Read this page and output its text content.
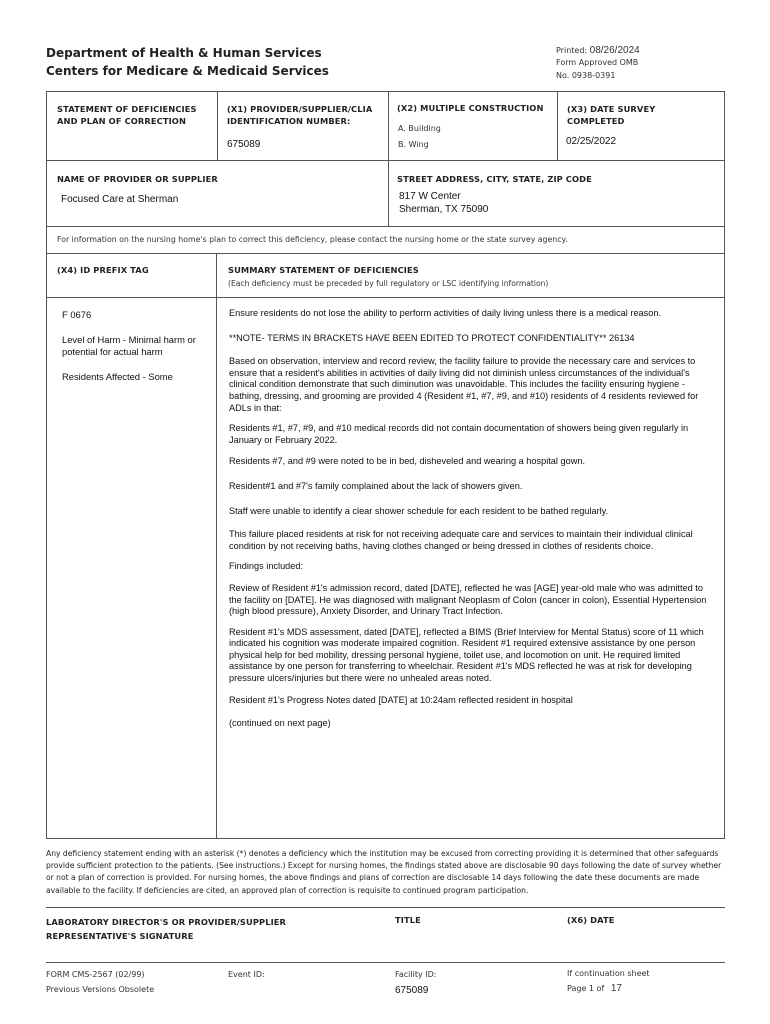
Department of Health & Human Services
Centers for Medicare & Medicaid Services
Printed: 08/26/2024
Form Approved OMB
No. 0938-0391
STATEMENT OF DEFICIENCIES AND PLAN OF CORRECTION
(X1) PROVIDER/SUPPLIER/CLIA IDENTIFICATION NUMBER:
675089
(X2) MULTIPLE CONSTRUCTION
A. Building
B. Wing
(X3) DATE SURVEY COMPLETED
02/25/2022
NAME OF PROVIDER OR SUPPLIER
Focused Care at Sherman
STREET ADDRESS, CITY, STATE, ZIP CODE
817 W Center
Sherman, TX 75090
For information on the nursing home's plan to correct this deficiency, please contact the nursing home or the state survey agency.
(X4) ID PREFIX TAG	SUMMARY STATEMENT OF DEFICIENCIES
(Each deficiency must be preceded by full regulatory or LSC identifying information)
F 0676
Level of Harm - Minimal harm or potential for actual harm
Residents Affected - Some

Ensure residents do not lose the ability to perform activities of daily living unless there is a medical reason.

**NOTE- TERMS IN BRACKETS HAVE BEEN EDITED TO PROTECT CONFIDENTIALITY** 26134

Based on observation, interview and record review, the facility failure to provide the necessary care and services to ensure that a resident's abilities in activities of daily living did not diminish unless circumstances of the individual's clinical condition demonstrate that such diminution was unavoidable. This includes the facility ensuring hygiene - bathing, dressing, and grooming are provided 4 (Resident #1, #7, #9, and #10) residents of 4 residents reviewed for ADLs in that:

Residents #1, #7, #9, and #10 medical records did not contain documentation of showers being given regularly in January or February 2022.

Residents #7, and #9 were noted to be in bed, disheveled and wearing a hospital gown.

Resident#1 and #7's family complained about the lack of showers given.

Staff were unable to identify a clear shower schedule for each resident to be bathed regularly.

This failure placed residents at risk for not receiving adequate care and services to maintain their individual clinical condition by not receiving baths, having clothes changed or being dressed in clothes of residents choice.

Findings included:

Review of Resident #1's admission record, dated [DATE], reflected he was [AGE] year-old male who was admitted to the facility on [DATE]. He was diagnosed with malignant Neoplasm of Colon (cancer in colon), Essential Hypertension (high blood pressure), Anxiety Disorder, and Urinary Tract Infection.

Resident #1's MDS assessment, dated [DATE], reflected a BIMS (Brief Interview for Mental Status) score of 11 which indicated his cognition was moderate impaired cognition. Resident #1 required extensive assistance by one person physical help for bed mobility, dressing personal hygiene, toilet use, and locomotion on unit. He required limited assistance by one person for transferring to wheelchair. Resident #1's MDS reflected he was at risk for developing pressure ulcers/injuries but there were no unhealed areas noted.

Resident #1's Progress Notes dated [DATE] at 10:24am reflected resident in hospital

(continued on next page)

Any deficiency statement ending with an asterisk (*) denotes a deficiency which the institution may be excused from correcting providing it is determined that other safeguards provide sufficient protection to the patients. (See instructions.) Except for nursing homes, the findings stated above are disclosable 90 days following the date of survey whether or not a plan of correction is provided. For nursing homes, the above findings and plans of correction are disclosable 14 days following the date these documents are made available to the facility. If deficiencies are cited, an approved plan of correction is requisite to continued program participation.
LABORATORY DIRECTOR'S OR PROVIDER/SUPPLIER REPRESENTATIVE'S SIGNATURE
TITLE	(X6) DATE
FORM CMS-2567 (02/99)
Previous Versions Obsolete
Event ID:	Facility ID:
675089
If continuation sheet
Page 1 of 17
